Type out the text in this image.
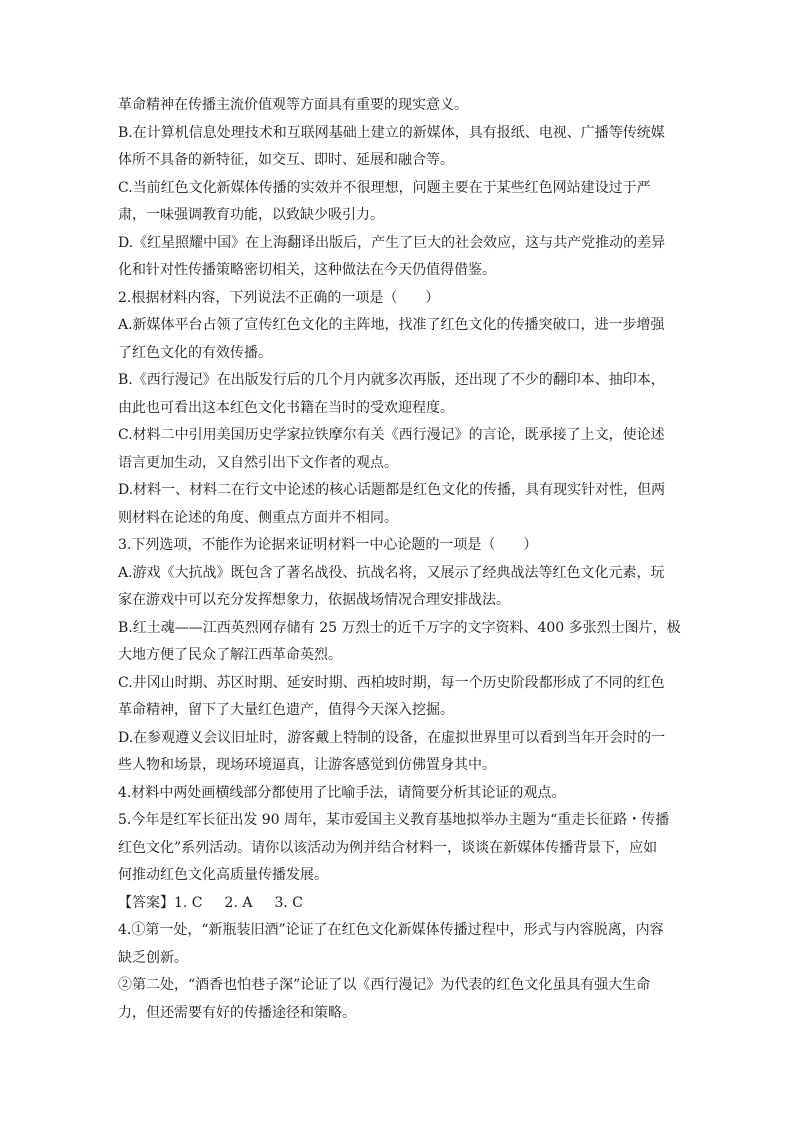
革命精神在传播主流价值观等方面具有重要的现实意义。
B.在计算机信息处理技术和互联网基础上建立的新媒体，具有报纸、电视、广播等传统媒
体所不具备的新特征，如交互、即时、延展和融合等。
C.当前红色文化新媒体传播的实效并不很理想，问题主要在于某些红色网站建设过于严
肃，一味强调教育功能，以致缺少吸引力。
D.《红星照耀中国》在上海翻译出版后，产生了巨大的社会效应，这与共产党推动的差异
化和针对性传播策略密切相关，这种做法在今天仍值得借鉴。
2.根据材料内容，下列说法不正确的一项是（　　）
A.新媒体平台占领了宣传红色文化的主阵地，找准了红色文化的传播突破口，进一步增强
了红色文化的有效传播。
B.《西行漫记》在出版发行后的几个月内就多次再版，还出现了不少的翻印本、抽印本，
由此也可看出这本红色文化书籍在当时的受欢迎程度。
C.材料二中引用美国历史学家拉铁摩尔有关《西行漫记》的言论，既承接了上文，使论述
语言更加生动，又自然引出下文作者的观点。
D.材料一、材料二在行文中论述的核心话题都是红色文化的传播，具有现实针对性，但两
则材料在论述的角度、侧重点方面并不相同。
3.下列选项，不能作为论据来证明材料一中心论题的一项是（　　）
A.游戏《大抗战》既包含了著名战役、抗战名将，又展示了经典战法等红色文化元素，玩
家在游戏中可以充分发挥想象力，依据战场情况合理安排战法。
B.红土魂——江西英烈网存储有 25 万烈士的近千万字的文字资料、400 多张烈士图片，极
大地方便了民众了解江西革命英烈。
C.井冈山时期、苏区时期、延安时期、西柏坡时期，每一个历史阶段都形成了不同的红色
革命精神，留下了大量红色遗产，值得今天深入挖掘。
D.在参观遵义会议旧址时，游客戴上特制的设备，在虚拟世界里可以看到当年开会时的一
些人物和场景，现场环境逼真，让游客感觉到仿佛置身其中。
4.材料中两处画横线部分都使用了比喻手法，请简要分析其论证的观点。
5.今年是红军长征出发 90 周年，某市爱国主义教育基地拟举办主题为“重走长征路・传播
红色文化”系列活动。请你以该活动为例并结合材料一，谈谈在新媒体传播背景下，应如
何推动红色文化高质量传播发展。
【答案】1. C 2. A 3. C
4.①第一处，“新瓶装旧酒”论证了在红色文化新媒体传播过程中，形式与内容脱离，内容
缺乏创新。
②第二处，“酒香也怕巷子深”论证了以《西行漫记》为代表的红色文化虽具有强大生命
力，但还需要有好的传播途径和策略。
